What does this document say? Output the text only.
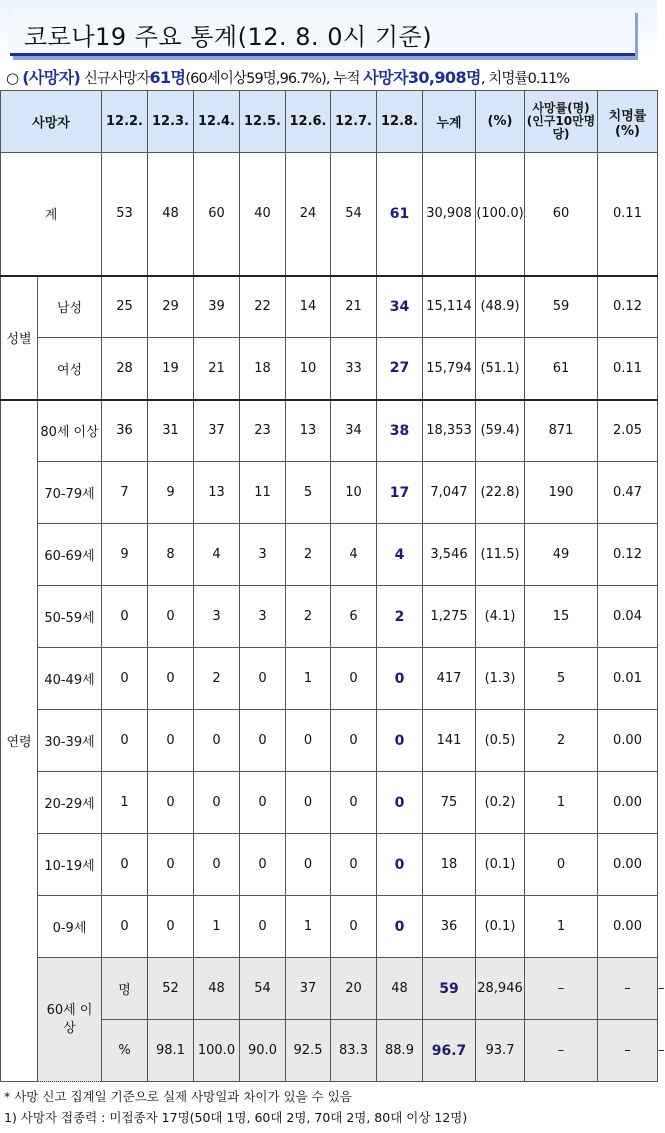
코로나19 주요 통계(12. 8. 0시 기준)
○ (사망자) 신규사망자61명(60세이상59명,96.7%), 누적 사망자30,908명, 치명률0.11%
사망자		12.2.	12.3.	12.4.	12.5.	12.6.	12.7.	12.8.	누계	(%)	사망률(명)(인구10만명당)	치명률(%)	
계		53	48	60	40	24	54	61	30,908	(100.0)	60	0.11	
성별	남성	25	29	39	22	14	21	34	15,114	(48.9)	59	0.12	
	여성	28	19	21	18	10	33	27	15,794	(51.1)	61	0.11	
연령	80세 이상	36	31	37	23	13	34	38	18,353	(59.4)	871	2.05	
	70-79세	7	9	13	11	5	10	17	7,047	(22.8)	190	0.47	
	60-69세	9	8	4	3	2	4	4	3,546	(11.5)	49	0.12	
	50-59세	0	0	3	3	2	6	2	1,275	(4.1)	15	0.04	
	40-49세	0	0	2	0	1	0	0	417	(1.3)	5	0.01	
	30-39세	0	0	0	0	0	0	0	141	(0.5)	2	0.00	
	20-29세	1	0	0	0	0	0	0	75	(0.2)	1	0.00	
	10-19세	0	0	0	0	0	0	0	18	(0.1)	0	0.00	
	0-9세	0	0	1	0	1	0	0	36	(0.1)	1	0.00	
	60세 이상	명	52	48	54	37	20	48	59	28,946	–	–	–
		%	98.1	100.0	90.0	92.5	83.3	88.9	96.7	93.7	–	–	–
* 사망 신고 집계일 기준으로 실제 사망일과 차이가 있을 수 있음
1) 사망자 접종력 : 미접종자 17명(50대 1명, 60대 2명, 70대 2명, 80대 이상 12명)
